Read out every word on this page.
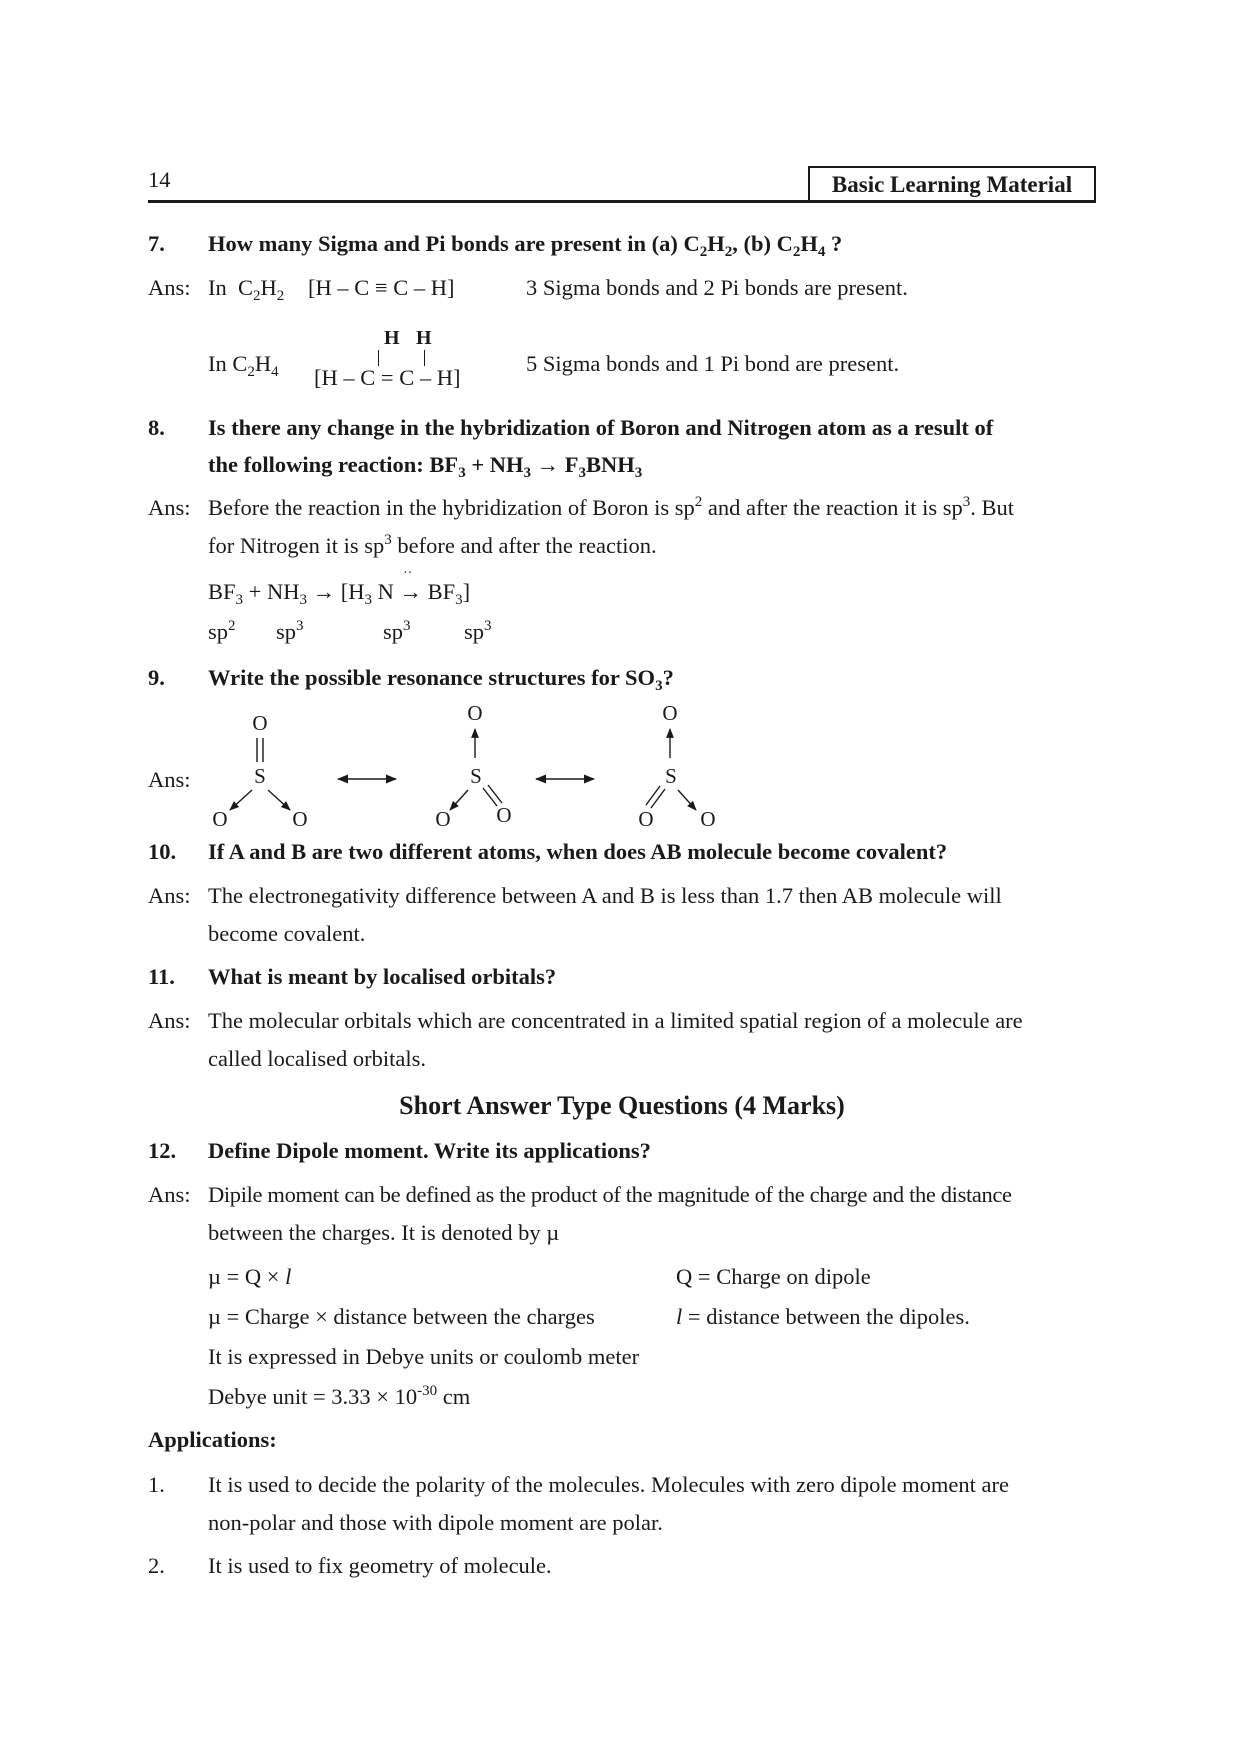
14	Basic Learning Material
7. How many Sigma and Pi bonds are present in (a) $C_2H_2$, (b) $C_2H_4$ ?
Ans: In $C_2H_2$ [H – C ≡ C – H]	3 Sigma bonds and 2 Pi bonds are present.
H H
In $C_2H_4$ [H – C = C – H]
5 Sigma bonds and 1 Pi bond are present.
8. Is there any change in the hybridization of Boron and Nitrogen atom as a result of
the following reaction: $BF_3 + NH_3 \to F_3BNH_3$
Ans: Before the reaction in the hybridization of Boron is $sp^2$ and after the reaction it is $sp^3$. But
for Nitrogen it is $sp^3$ before and after the reaction.
$BF_3 + NH_3 \to [H_3$ $N \to BF_3$]
··
$sp^2$ $sp^3$	$sp^3$ $sp^3$
9. Write the possible resonance structures for $SO_3$?
Ans:
O
S
O	O
O
S
O O
O
S
O O
10. If A and B are two different atoms, when does AB molecule become covalent?
Ans: The electronegativity difference between A and B is less than 1.7 then AB molecule will
become covalent.
11. What is meant by localised orbitals?
Ans: The molecular orbitals which are concentrated in a limited spatial region of a molecule are
called localised orbitals.
Short Answer Type Questions (4 Marks)
12. Define Dipole moment. Write its applications?
Ans: Dipile moment can be defined as the product of the magnitude of the charge and the distance
between the charges. It is denoted by µ
µ = Q × l	Q = Charge on dipole
µ = Charge × distance between the charges	l = distance between the dipoles.
It is expressed in Debye units or coulomb meter
Debye unit = $3.33 \times 10^{-30}$ cm
Applications:
1. It is used to decide the polarity of the molecules. Molecules with zero dipole moment are
non-polar and those with dipole moment are polar.
2. It is used to fix geometry of molecule.
